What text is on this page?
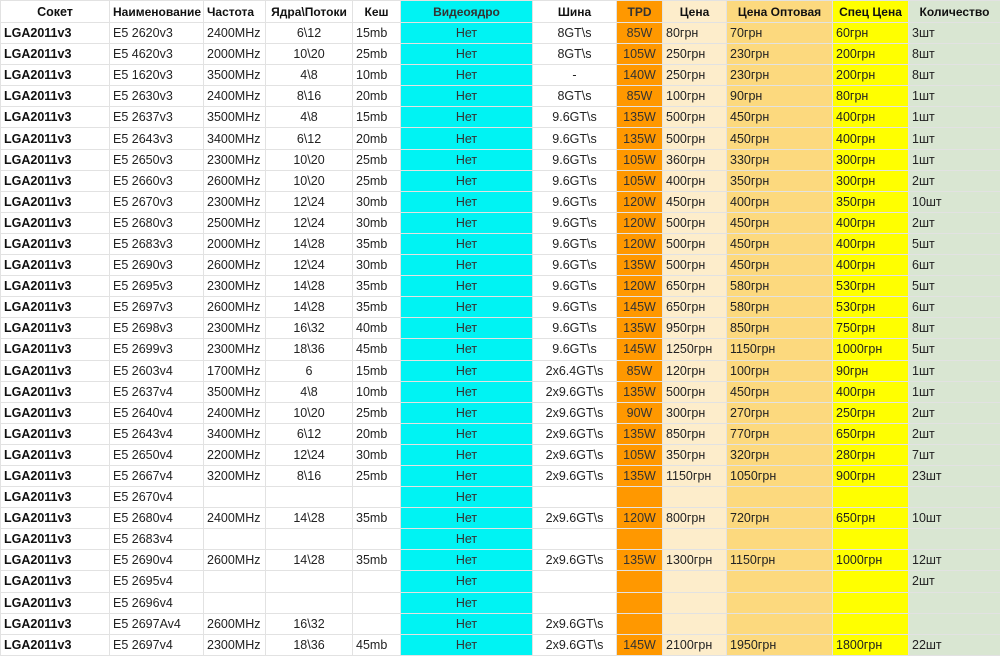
Сокет	Наименование	Частота	Ядра\Потоки	Кеш	Видеоядро	Шина	TPD	Цена	Цена Оптовая	Спец Цена	Количество
LGA2011v3	E5 2620v3	2400MHz	6\12	15mb	Нет	8GT\s	85W	80грн	70грн	60грн	3шт
LGA2011v3	E5 4620v3	2000MHz	10\20	25mb	Нет	8GT\s	105W	250грн	230грн	200грн	8шт
LGA2011v3	E5 1620v3	3500MHz	4\8	10mb	Нет	-	140W	250грн	230грн	200грн	8шт
LGA2011v3	E5 2630v3	2400MHz	8\16	20mb	Нет	8GT\s	85W	100грн	90грн	80грн	1шт
LGA2011v3	E5 2637v3	3500MHz	4\8	15mb	Нет	9.6GT\s	135W	500грн	450грн	400грн	1шт
LGA2011v3	E5 2643v3	3400MHz	6\12	20mb	Нет	9.6GT\s	135W	500грн	450грн	400грн	1шт
LGA2011v3	E5 2650v3	2300MHz	10\20	25mb	Нет	9.6GT\s	105W	360грн	330грн	300грн	1шт
LGA2011v3	E5 2660v3	2600MHz	10\20	25mb	Нет	9.6GT\s	105W	400грн	350грн	300грн	2шт
LGA2011v3	E5 2670v3	2300MHz	12\24	30mb	Нет	9.6GT\s	120W	450грн	400грн	350грн	10шт
LGA2011v3	E5 2680v3	2500MHz	12\24	30mb	Нет	9.6GT\s	120W	500грн	450грн	400грн	2шт
LGA2011v3	E5 2683v3	2000MHz	14\28	35mb	Нет	9.6GT\s	120W	500грн	450грн	400грн	5шт
LGA2011v3	E5 2690v3	2600MHz	12\24	30mb	Нет	9.6GT\s	135W	500грн	450грн	400грн	6шт
LGA2011v3	E5 2695v3	2300MHz	14\28	35mb	Нет	9.6GT\s	120W	650грн	580грн	530грн	5шт
LGA2011v3	E5 2697v3	2600MHz	14\28	35mb	Нет	9.6GT\s	145W	650грн	580грн	530грн	6шт
LGA2011v3	E5 2698v3	2300MHz	16\32	40mb	Нет	9.6GT\s	135W	950грн	850грн	750грн	8шт
LGA2011v3	E5 2699v3	2300MHz	18\36	45mb	Нет	9.6GT\s	145W	1250грн	1150грн	1000грн	5шт
LGA2011v3	E5 2603v4	1700MHz	6	15mb	Нет	2x6.4GT\s	85W	120грн	100грн	90грн	1шт
LGA2011v3	E5 2637v4	3500MHz	4\8	10mb	Нет	2x9.6GT\s	135W	500грн	450грн	400грн	1шт
LGA2011v3	E5 2640v4	2400MHz	10\20	25mb	Нет	2x9.6GT\s	90W	300грн	270грн	250грн	2шт
LGA2011v3	E5 2643v4	3400MHz	6\12	20mb	Нет	2x9.6GT\s	135W	850грн	770грн	650грн	2шт
LGA2011v3	E5 2650v4	2200MHz	12\24	30mb	Нет	2x9.6GT\s	105W	350грн	320грн	280грн	7шт
LGA2011v3	E5 2667v4	3200MHz	8\16	25mb	Нет	2x9.6GT\s	135W	1150грн	1050грн	900грн	23шт
LGA2011v3	E5 2670v4				Нет						
LGA2011v3	E5 2680v4	2400MHz	14\28	35mb	Нет	2x9.6GT\s	120W	800грн	720грн	650грн	10шт
LGA2011v3	E5 2683v4				Нет						
LGA2011v3	E5 2690v4	2600MHz	14\28	35mb	Нет	2x9.6GT\s	135W	1300грн	1150грн	1000грн	12шт
LGA2011v3	E5 2695v4				Нет						2шт
LGA2011v3	E5 2696v4				Нет						
LGA2011v3	E5 2697Av4	2600MHz	16\32		Нет	2x9.6GT\s					
LGA2011v3	E5 2697v4	2300MHz	18\36	45mb	Нет	2x9.6GT\s	145W	2100грн	1950грн	1800грн	22шт
